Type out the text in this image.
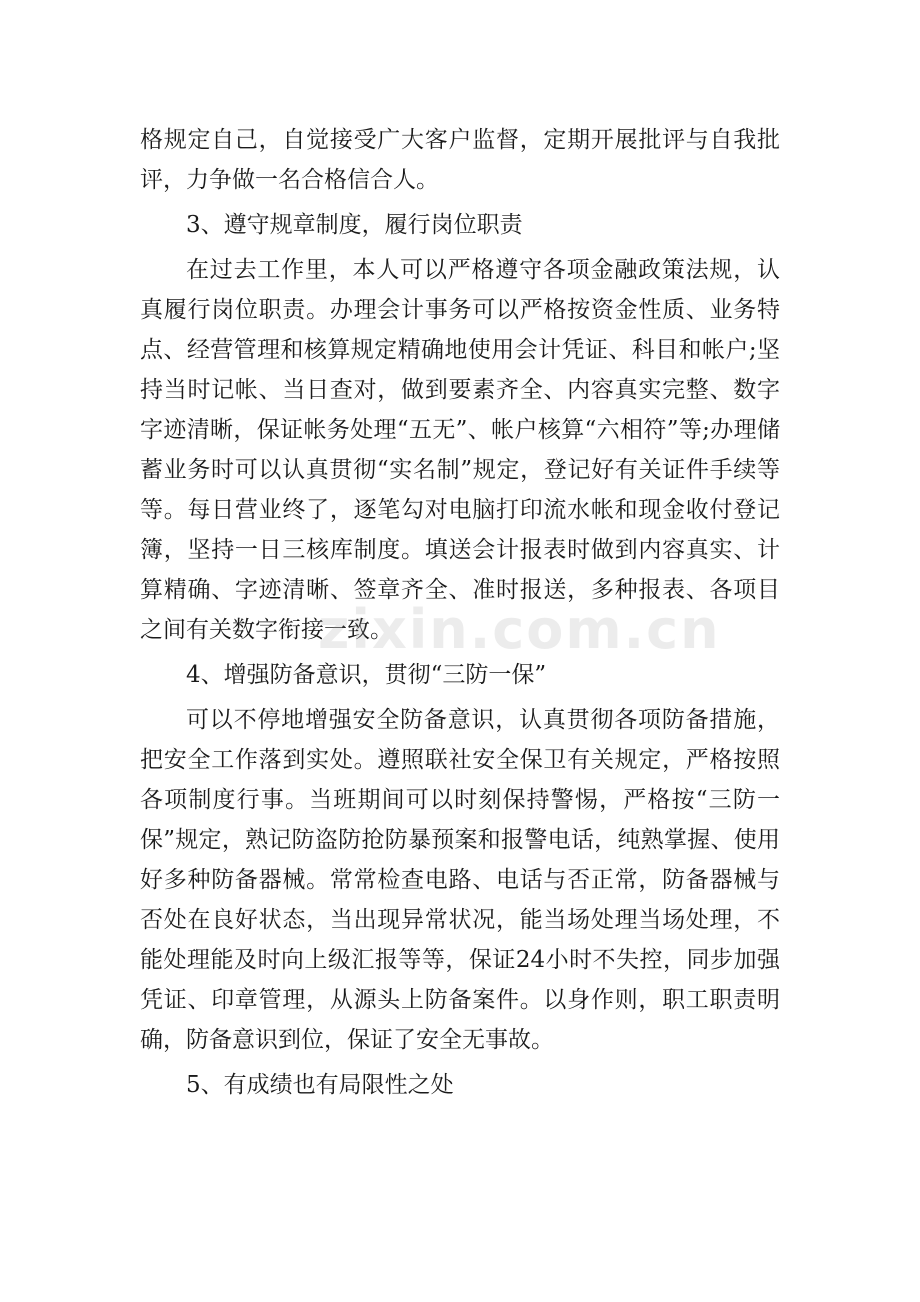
格规定自己，自觉接受广大客户监督，定期开展批评与自我批评，力争做一名合格信合人。

3、遵守规章制度，履行岗位职责

在过去工作里，本人可以严格遵守各项金融政策法规，认真履行岗位职责。办理会计事务可以严格按资金性质、业务特点、经营管理和核算规定精确地使用会计凭证、科目和帐户;坚持当时记帐、当日查对，做到要素齐全、内容真实完整、数字字迹清晰，保证帐务处理“五无”、帐户核算“六相符”等;办理储蓄业务时可以认真贯彻“实名制”规定，登记好有关证件手续等等。每日营业终了，逐笔勾对电脑打印流水帐和现金收付登记簿，坚持一日三核库制度。填送会计报表时做到内容真实、计算精确、字迹清晰、签章齐全、准时报送，多种报表、各项目之间有关数字衔接一致。

4、增强防备意识，贯彻“三防一保”

可以不停地增强安全防备意识，认真贯彻各项防备措施，把安全工作落到实处。遵照联社安全保卫有关规定，严格按照各项制度行事。当班期间可以时刻保持警惕，严格按“三防一保”规定，熟记防盗防抢防暴预案和报警电话，纯熟掌握、使用好多种防备器械。常常检查电路、电话与否正常，防备器械与否处在良好状态，当出现异常状况，能当场处理当场处理，不能处理能及时向上级汇报等等，保证24小时不失控，同步加强凭证、印章管理，从源头上防备案件。以身作则，职工职责明确，防备意识到位，保证了安全无事故。

5、有成绩也有局限性之处

zixin.com.cn
